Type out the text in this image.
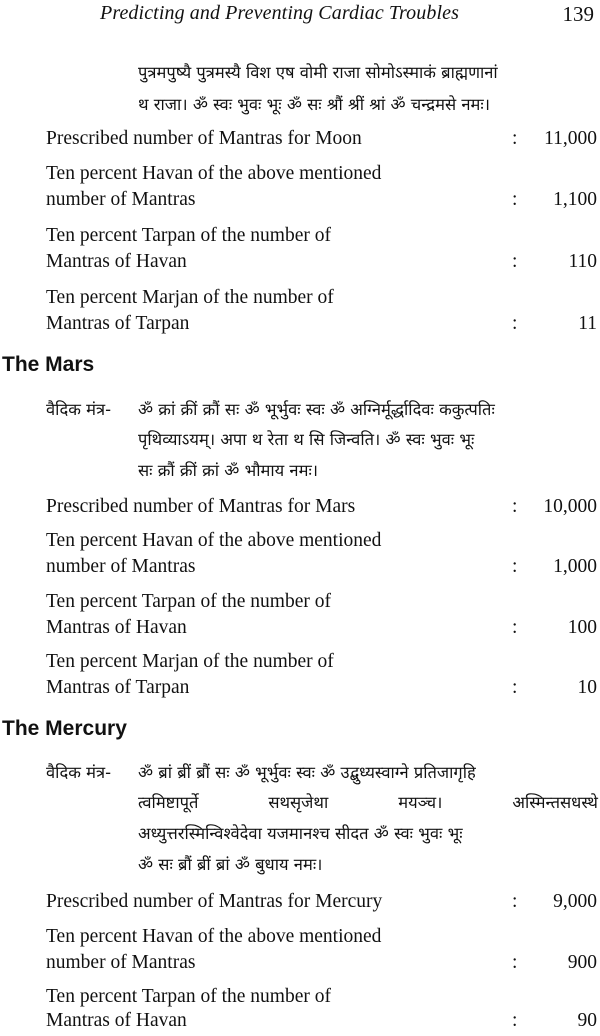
Predicting and Preventing Cardiac Troubles	139
पुत्रमपुष्यै पुत्रमस्यै विश एष वोमी राजा सोमोऽस्माकं ब्राह्मणानां
थ राजा। ॐ स्वः भुवः भूः ॐ सः श्रौं श्रीं श्रां ॐ चन्द्रमसे नमः।
Prescribed number of Mantras for Moon	: 11,000
Ten percent Havan of the above mentioned
number of Mantras	: 1,100
Ten percent Tarpan of the number of
Mantras of Havan	:	110
Ten percent Marjan of the number of
Mantras of Tarpan	:	11
The Mars
वैदिक मंत्र- ॐ क्रां क्रीं क्रौं सः ॐ भूर्भुवः स्वः ॐ अग्निर्मूर्द्धादिवः ककुत्पतिः
पृथिव्याऽयम्। अपा थ रेता थ सि जिन्वति। ॐ स्वः भुवः भूः
सः क्रौं क्रीं क्रां ॐ भौमाय नमः।
Prescribed number of Mantras for Mars	: 10,000
Ten percent Havan of the above mentioned
number of Mantras	: 1,000
Ten percent Tarpan of the number of
Mantras of Havan	:	100
Ten percent Marjan of the number of
Mantras of Tarpan	:	10
The Mercury
वैदिक मंत्र- ॐ ब्रां ब्रीं ब्रौं सः ॐ भूर्भुवः स्वः ॐ उद्बुध्यस्वाग्ने प्रतिजागृहि
त्वमिष्टापूर्ते	सथसृजेथा	मयञ्च।	अस्मिन्तसधस्थे
अध्युत्तरस्मिन्विश्वेदेवा यजमानश्च सीदत ॐ स्वः भुवः भूः
ॐ सः ब्रौं ब्रीं ब्रां ॐ बुधाय नमः।
Prescribed number of Mantras for Mercury	: 9,000
Ten percent Havan of the above mentioned
number of Mantras	:	900
Ten percent Tarpan of the number of
Mantras of Havan	:	90
